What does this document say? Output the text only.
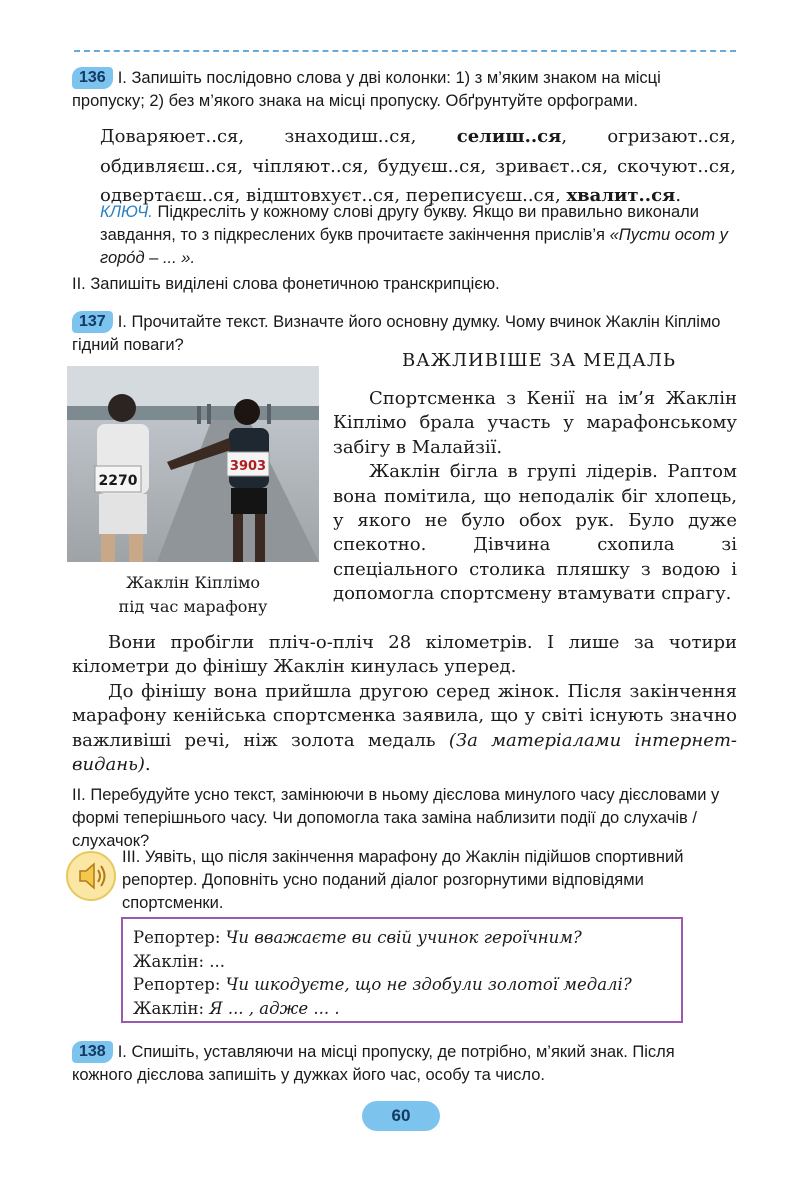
136 I. Запишіть послідовно слова у дві колонки: 1) з м’яким знаком на місці пропуску; 2) без м’якого знака на місці пропуску. Обґрунтуйте орфограми.
Доваряюет..ся, знаходиш..ся, селиш..ся, огризают..ся, обдивляєш..ся, чіпляют..ся, будуєш..ся, зриваєт..ся, скочуют..ся, одвертаєш..ся, відштовхуєт..ся, переписуєш..ся, хвалит..ся.
КЛЮЧ. Підкресліть у кожному слові другу букву. Якщо ви правильно виконали завдання, то з підкреслених букв прочитаєте закінчення прислів’я «Пусти осот у горо́д – ... ».
II. Запишіть виділені слова фонетичною транскрипцією.
137 I. Прочитайте текст. Визначте його основну думку. Чому вчинок Жаклін Кіплімо гідний поваги?
2270
3903
Жаклін Кіплімо
під час марафону
ВАЖЛИВІШЕ ЗА МЕДАЛЬ

Спортсменка з Кенії на ім’я Жаклін Кіплімо брала участь у марафонському забігу в Малайзії.

Жаклін бігла в групі лідерів. Раптом вона помітила, що неподалік біг хлопець, у якого не було обох рук. Було дуже спекотно. Дівчина схопила зі спеціального столика пляшку з водою і допомогла спортсмену втамувати спрагу.

Вони пробігли пліч-о-пліч 28 кілометрів. І лише за чотири кілометри до фінішу Жаклін кинулась уперед.

До фінішу вона прийшла другою серед жінок. Після закінчення марафону кенійська спортсменка заявила, що у світі існують значно важливіші речі, ніж золота медаль (За матеріалами інтернет-видань).

II. Перебудуйте усно текст, замінюючи в ньому дієслова минулого часу дієсловами у формі теперішнього часу. Чи допомогла така заміна наблизити події до слухачів / слухачок?
III. Уявіть, що після закінчення марафону до Жаклін підійшов спортивний репортер. Доповніть усно поданий діалог розгорнутими відповідями спортсменки.
Репортер: Чи вважаєте ви свій учинок героїчним?
Жаклін: ...
Репортер: Чи шкодуєте, що не здобули золотої медалі?
Жаклін: Я ... , адже ... .
138 I. Спишіть, уставляючи на місці пропуску, де потрібно, м’який знак. Після кожного дієслова запишіть у дужках його час, особу та число.
60
